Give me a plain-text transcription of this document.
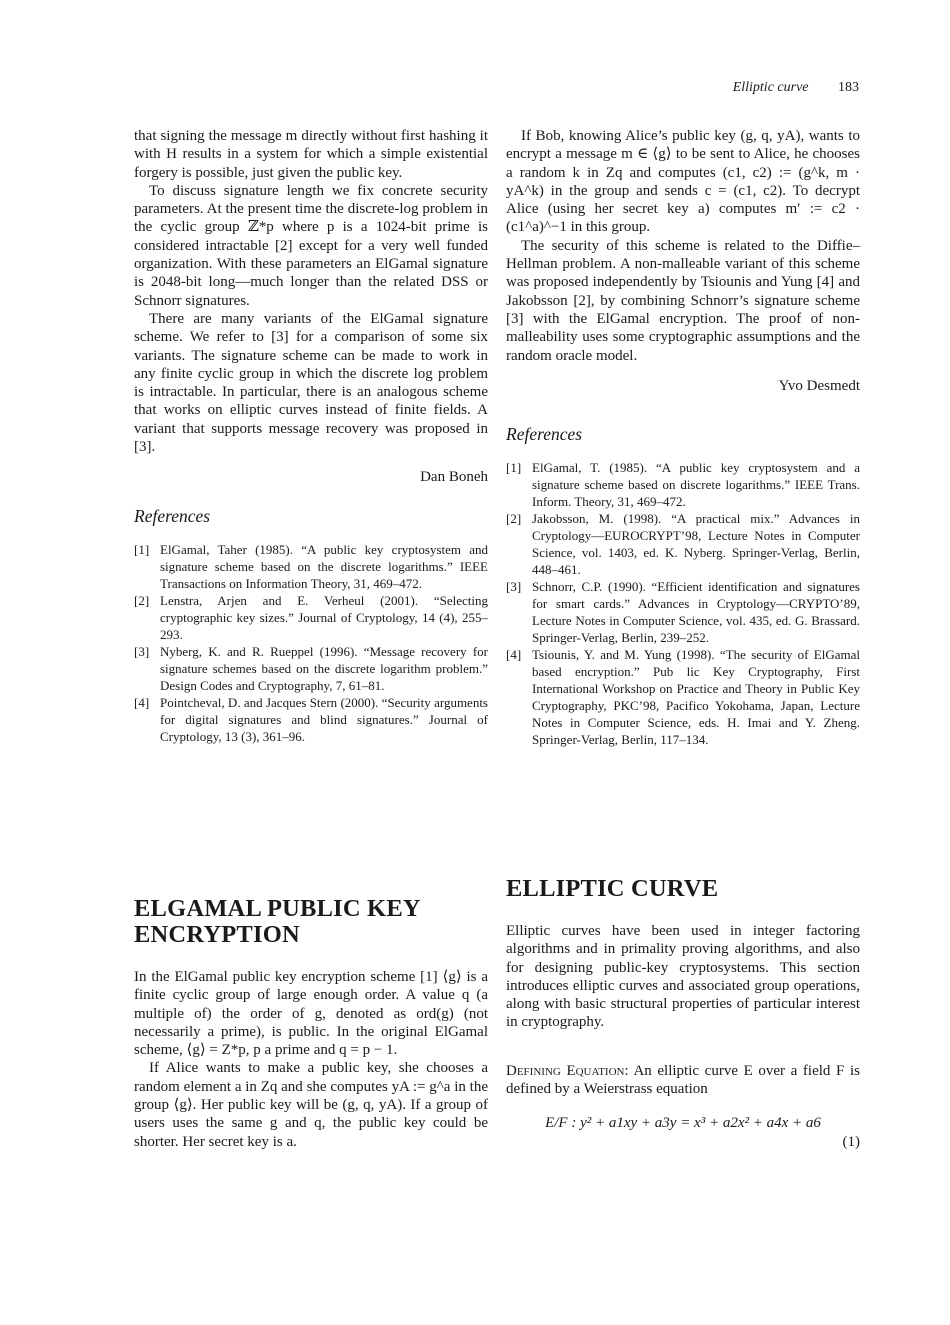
Elliptic curve 183

that signing the message m directly without first hashing it with H results in a system for which a simple existential forgery is possible, just given the public key.

To discuss signature length we fix concrete security parameters. At the present time the discrete-log problem in the cyclic group ℤ*p where p is a 1024-bit prime is considered intractable [2] except for a very well funded organization. With these parameters an ElGamal signature is 2048-bit long—much longer than the related DSS or Schnorr signatures.

There are many variants of the ElGamal signature scheme. We refer to [3] for a comparison of some six variants. The signature scheme can be made to work in any finite cyclic group in which the discrete log problem is intractable. In particular, there is an analogous scheme that works on elliptic curves instead of finite fields. A variant that supports message recovery was proposed in [3].

Dan Boneh

References
[1] ElGamal, Taher (1985). “A public key cryptosystem and signature scheme based on the discrete logarithms.” IEEE Transactions on Information Theory, 31, 469–472.
[2] Lenstra, Arjen and E. Verheul (2001). “Selecting cryptographic key sizes.” Journal of Cryptology, 14 (4), 255–293.
[3] Nyberg, K. and R. Rueppel (1996). “Message recovery for signature schemes based on the discrete logarithm problem.” Design Codes and Cryptography, 7, 61–81.
[4] Pointcheval, D. and Jacques Stern (2000). “Security arguments for digital signatures and blind signatures.” Journal of Cryptology, 13 (3), 361–96.
ELGAMAL PUBLIC KEY ENCRYPTION

In the ElGamal public key encryption scheme [1] ⟨g⟩ is a finite cyclic group of large enough order. A value q (a multiple of) the order of g, denoted as ord(g) (not necessarily a prime), is public. In the original ElGamal scheme, ⟨g⟩ = Z*p, p a prime and q = p − 1.

If Alice wants to make a public key, she chooses a random element a in Zq and she computes yA := g^a in the group ⟨g⟩. Her public key will be (g, q, yA). If a group of users uses the same g and q, the public key could be shorter. Her secret key is a.

If Bob, knowing Alice’s public key (g, q, yA), wants to encrypt a message m ∈ ⟨g⟩ to be sent to Alice, he chooses a random k in Zq and computes (c1, c2) := (g^k, m · yA^k) in the group and sends c = (c1, c2). To decrypt Alice (using her secret key a) computes m′ := c2 · (c1^a)^−1 in this group.

The security of this scheme is related to the Diffie–Hellman problem. A non-malleable variant of this scheme was proposed independently by Tsiounis and Yung [4] and Jakobsson [2], by combining Schnorr’s signature scheme [3] with the ElGamal encryption. The proof of non-malleability uses some cryptographic assumptions and the random oracle model.

Yvo Desmedt

References
[1] ElGamal, T. (1985). “A public key cryptosystem and a signature scheme based on discrete logarithms.” IEEE Trans. Inform. Theory, 31, 469–472.
[2] Jakobsson, M. (1998). “A practical mix.” Advances in Cryptology—EUROCRYPT’98, Lecture Notes in Computer Science, vol. 1403, ed. K. Nyberg. Springer-Verlag, Berlin, 448–461.
[3] Schnorr, C.P. (1990). “Efficient identification and signatures for smart cards.” Advances in Cryptology—CRYPTO’89, Lecture Notes in Computer Science, vol. 435, ed. G. Brassard. Springer-Verlag, Berlin, 239–252.
[4] Tsiounis, Y. and M. Yung (1998). “The security of ElGamal based encryption.” Pub lic Key Cryptography, First International Workshop on Practice and Theory in Public Key Cryptography, PKC’98, Pacifico Yokohama, Japan, Lecture Notes in Computer Science, eds. H. Imai and Y. Zheng. Springer-Verlag, Berlin, 117–134.
ELLIPTIC CURVE

Elliptic curves have been used in integer factoring algorithms and in primality proving algorithms, and also for designing public-key cryptosystems. This section introduces elliptic curves and associated group operations, along with basic structural properties of particular interest in cryptography.

Defining Equation: An elliptic curve E over a field F is defined by a Weierstrass equation

E/F : y² + a1xy + a3y = x³ + a2x² + a4x + a6
(1)
